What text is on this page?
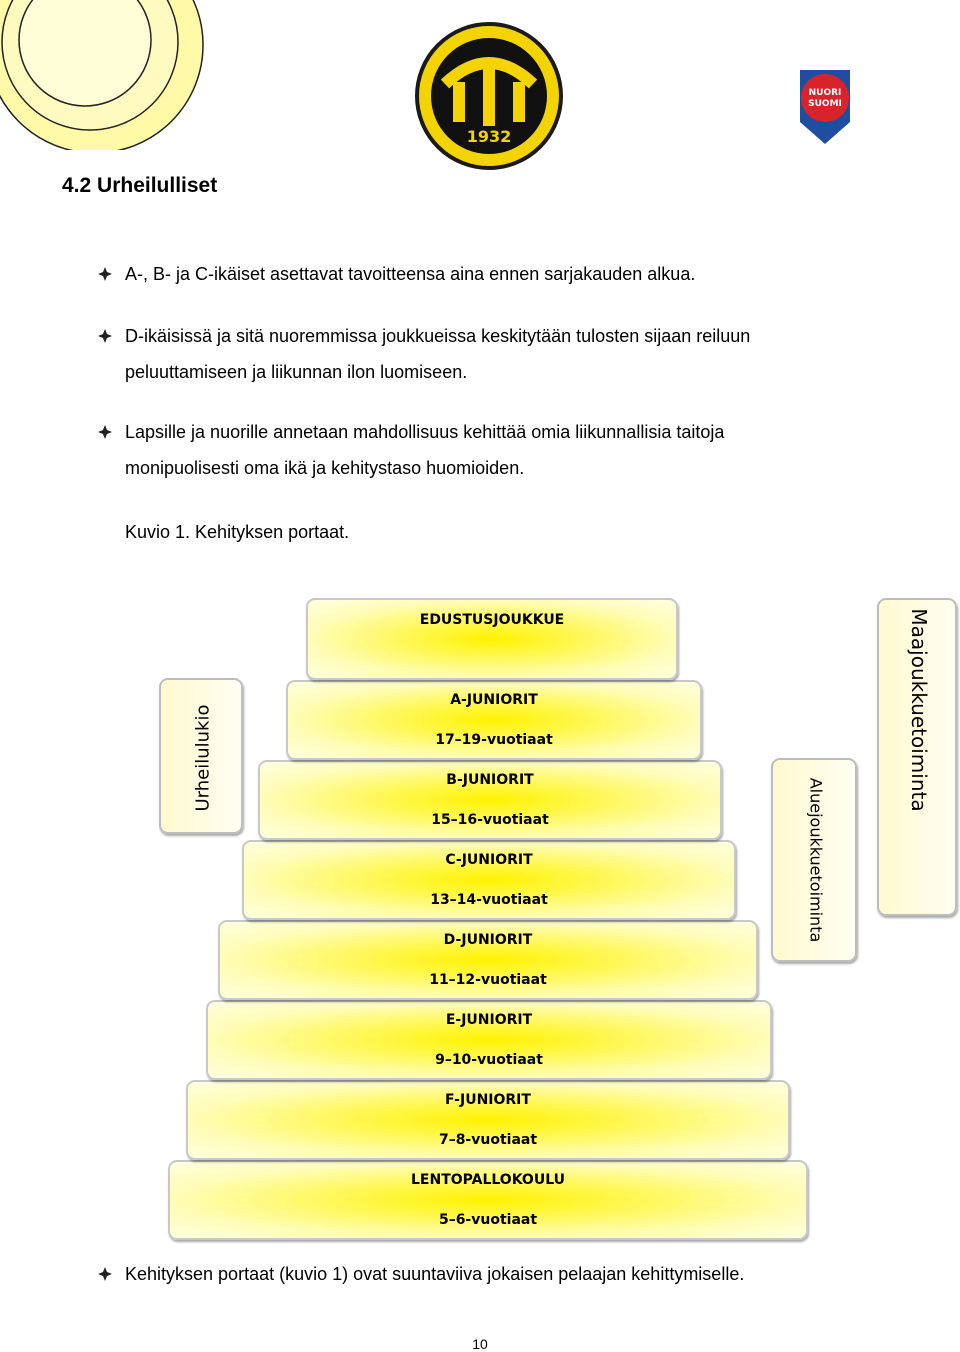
1932
NUORI
SUOMI
4.2 Urheilulliset
A-, B- ja C-ikäiset asettavat tavoitteensa aina ennen sarjakauden alkua.
D-ikäisissä ja sitä nuoremmissa joukkueissa keskitytään tulosten sijaan reiluun
peluuttamiseen ja liikunnan ilon luomiseen.
Lapsille ja nuorille annetaan mahdollisuus kehittää omia liikunnallisia taitoja
monipuolisesti oma ikä ja kehitystaso huomioiden.
Kuvio 1. Kehityksen portaat.
LENTOPALLOKOULU
5–6-vuotiaat
F-JUNIORIT
7–8-vuotiaat
E-JUNIORIT
9–10-vuotiaat
D-JUNIORIT
11–12-vuotiaat
C-JUNIORIT
13–14-vuotiaat
B-JUNIORIT
15–16-vuotiaat
A-JUNIORIT
17–19-vuotiaat
EDUSTUSJOUKKUE
Urheilulukio
Aluejoukkuetoiminta
Maajoukkuetoiminta
Kehityksen portaat (kuvio 1) ovat suuntaviiva jokaisen pelaajan kehittymiselle.
10
